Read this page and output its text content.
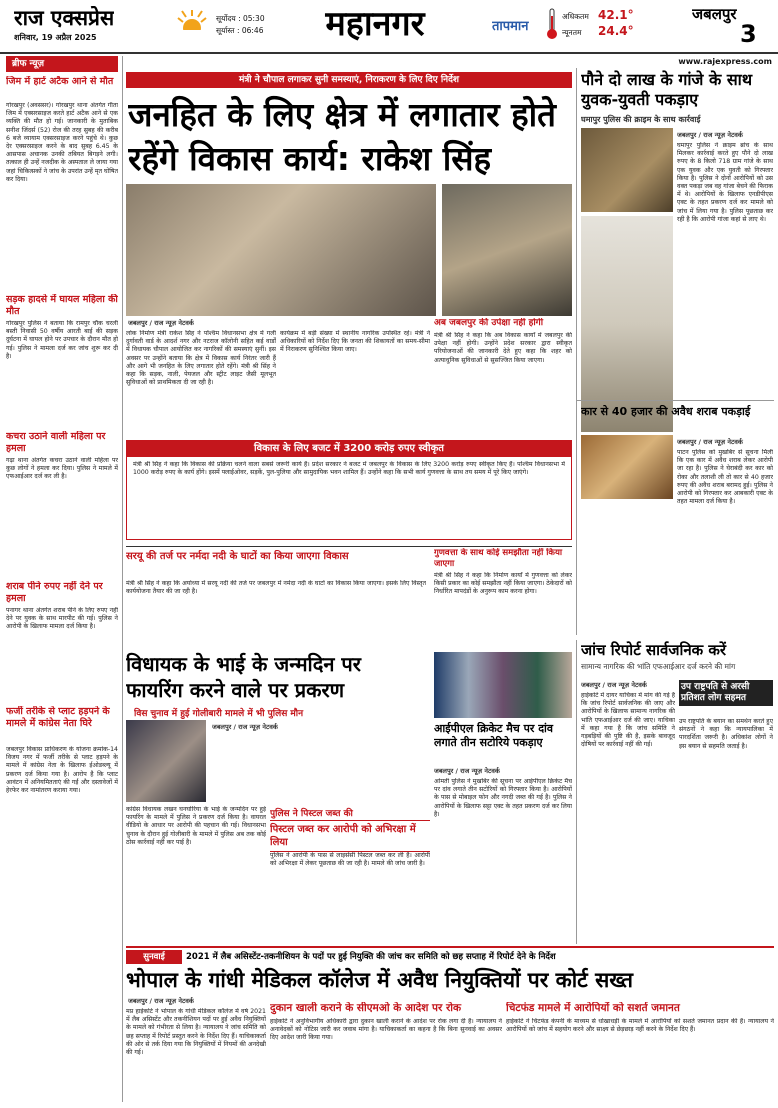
राज एक्सप्रेस
शनिवार, 19 अप्रैल 2025
सूर्योदय : 05:30
सूर्यास्त : 06:46	महानगर	तापमान
अधिकतम 42.1°
न्यूनतम 24.4°
जबलपुर
3
www.rajexpress.com
ब्रीफ न्यूज़
जिम में हार्ट अटैक आने से मौत
गोरखपुर (अवससर)। गोरखपुर थाना अंतर्गत गीता जिम में एक्सरसाइज करते हार्ट अटैक आने से एक व्यक्ति की मौत हो गई। जानकारी के मुताबिक सनीश जिंदर्स (52) रोज की तरह सुबह की करीब 6 बजे व्यायाम एक्सरसाइज करने पहुंचे थे। कुछ देर एक्सरसाइज करने के बाद सुबह 6.45 के आसपास अचानक उनकी तबियत बिगड़ने लगी। तत्काल ही उन्हें नजदीक के अस्पताल ले जाया गया जहां चिकित्सकों ने जांच के उपरांत उन्हें मृत घोषित कर दिया।
सड़क हादसे में घायल महिला की मौत
गोरखपुर पुलिस ने बताया कि रामपुर चौक चरली बस्ती निवासी 50 वर्षीय आरती बाई की सड़क दुर्घटना में घायल होने पर उपचार के दौरान मौत हो गई। पुलिस ने मामला दर्ज कर जांच शुरू कर दी है।
कचरा उठाने वाली महिला पर हमला
गढ़ा थाना अंतर्गत कचरा उठाने वाली महिला पर कुछ लोगों ने हमला कर दिया। पुलिस ने मामले में एफआईआर दर्ज कर ली है।
शराब पीने रुपए नहीं देने पर हमला
पनागर थाना अंतर्गत शराब पीने के लिए रुपए नहीं देने पर युवक के साथ मारपीट की गई। पुलिस ने आरोपी के खिलाफ मामला दर्ज किया है।
फर्जी तरीके से प्लाट हड़पने के मामले में कांग्रेस नेता घिरे
जबलपुर विकास प्राधिकरण के योजना क्रमांक-14 विजय नगर में फर्जी तरीके से प्लाट हड़पने के मामले में कांग्रेस नेता के खिलाफ ईओडब्ल्यू में प्रकरण दर्ज किया गया है। आरोप है कि प्लाट आवंटन में अनियमितताएं की गईं और दस्तावेजों में हेरफेर कर नामांतरण कराया गया।
मंत्री ने चौपाल लगाकर सुनी समस्याएं, निराकरण के लिए दिए निर्देश
जनहित के लिए क्षेत्र में लगातार होते
रहेंगे विकास कार्य: राकेश सिंह
जबलपुर / राज न्यूज़ नेटवर्क
लोक निर्माण मंत्री राकेश सिंह ने पश्चिम विधानसभा क्षेत्र में गली दुर्गावती वार्ड के आदर्श नगर और नटराज कॉलोनी सहित कई वार्डों में विधायक चौपाल आयोजित कर नागरिकों की समस्याएं सुनीं। इस अवसर पर उन्होंने बताया कि क्षेत्र में विकास कार्य निरंतर जारी हैं और आगे भी जनहित के लिए लगातार होते रहेंगे। मंत्री श्री सिंह ने कहा कि सड़क, नाली, पेयजल और स्ट्रीट लाइट जैसी मूलभूत सुविधाओं को प्राथमिकता दी जा रही है।
कार्यक्रम में बड़ी संख्या में स्थानीय नागरिक उपस्थित रहे। मंत्री ने अधिकारियों को निर्देश दिए कि जनता की शिकायतों का समय-सीमा में निराकरण सुनिश्चित किया जाए।
अब जबलपुर की उपेक्षा नहीं होगी
मंत्री श्री सिंह ने कहा कि अब विकास कार्यों में जबलपुर की उपेक्षा नहीं होगी। उन्होंने प्रदेश सरकार द्वारा स्वीकृत परियोजनाओं की जानकारी देते हुए कहा कि शहर को अत्याधुनिक सुविधाओं से सुसज्जित किया जाएगा।
विकास के लिए बजट में 3200 करोड़ रुपए स्वीकृत
मंत्री श्री सिंह ने कहा कि विकास की प्रक्रिया चलने वाला सबसे जरूरी कार्य है। प्रदेश सरकार ने बजट में जबलपुर के विकास के लिए 3200 करोड़ रुपए स्वीकृत किए हैं। पश्चिम विधानसभा में 1000 करोड़ रुपए के कार्य होंगे। इसमें फ्लाईओवर, सड़कें, पुल-पुलिया और सामुदायिक भवन शामिल हैं। उन्होंने कहा कि सभी कार्य गुणवत्ता के साथ तय समय में पूरे किए जाएंगे।
पौने दो लाख के गांजे के साथ युवक-युवती पकड़ाए
घमापुर पुलिस की क्राइम के साथ कार्रवाई
जबलपुर / राज न्यूज़ नेटवर्क
घमापुर पुलिस ने क्राइम ब्रांच के साथ मिलकर कार्रवाई करते हुए पौने दो लाख रुपए के 8 किलो 718 ग्राम गांजे के साथ एक युवक और एक युवती को गिरफ्तार किया है। पुलिस ने दोनों आरोपियों को उस वक्त पकड़ा जब वह गांजा बेचने की फिराक में थे। आरोपियों के खिलाफ एनडीपीएस एक्ट के तहत प्रकरण दर्ज कर मामले को जांच में लिया गया है। पुलिस पूछताछ कर रही है कि आरोपी गांजा कहां से लाए थे।
कार से 40 हजार की अवैध शराब पकड़ाई
जबलपुर / राज न्यूज़ नेटवर्क
पाटन पुलिस को मुखबिर से सूचना मिली कि एक कार में अवैध शराब लेकर आरोपी जा रहा है। पुलिस ने घेराबंदी कर कार को रोका और तलाशी ली तो कार से 40 हजार रुपए की अवैध शराब बरामद हुई। पुलिस ने आरोपी को गिरफ्तार कर आबकारी एक्ट के तहत मामला दर्ज किया है।
विधायक के भाई के जन्मदिन पर
फायरिंग करने वाले पर प्रकरण
विस चुनाव में हुई गोलीबारी मामले में भी पुलिस मौन
जबलपुर / राज न्यूज़ नेटवर्क
कांग्रेस विधायक लखन घनघोरिया के भाई के जन्मदिन पर हुई फायरिंग के मामले में पुलिस ने प्रकरण दर्ज किया है। वायरल वीडियो के आधार पर आरोपी की पहचान की गई। विधानसभा चुनाव के दौरान हुई गोलीबारी के मामले में पुलिस अब तक कोई ठोस कार्रवाई नहीं कर पाई है।
पुलिस ने पिस्टल जब्त की
पिस्टल जब्त कर आरोपी को अभिरक्षा में लिया
पुलिस ने आरोपी के पास से लाइसेंसी पिस्टल जब्त कर ली है। आरोपी को अभिरक्षा में लेकर पूछताछ की जा रही है। मामले की जांच जारी है।
गुणवत्ता के साथ कोई समझौता नहीं किया जाएगा
मंत्री श्री सिंह ने कहा कि निर्माण कार्यों में गुणवत्ता को लेकर किसी प्रकार का कोई समझौता नहीं किया जाएगा। ठेकेदारों को निर्धारित मापदंडों के अनुरूप काम करना होगा।
सरयू की तर्ज पर नर्मदा नदी के घाटों का किया जाएगा विकास
मंत्री श्री सिंह ने कहा कि अयोध्या में सरयू नदी की तर्ज पर जबलपुर में नर्मदा नदी के घाटों का विकास किया जाएगा। इसके लिए विस्तृत कार्ययोजना तैयार की जा रही है।
आईपीएल क्रिकेट मैच पर दांव लगाते तीन सटोरिये पकड़ाए
जबलपुर / राज न्यूज़ नेटवर्क
ओमती पुलिस ने मुखबिर की सूचना पर आईपीएल क्रिकेट मैच पर दांव लगाते तीन सटोरियों को गिरफ्तार किया है। आरोपियों के पास से मोबाइल फोन और नगदी जब्त की गई है। पुलिस ने आरोपियों के खिलाफ सट्टा एक्ट के तहत प्रकरण दर्ज कर लिया है।
जांच रिपोर्ट सार्वजनिक करें
सामान्य नागरिक की भांति एफआईआर दर्ज करने की मांग
जबलपुर / राज न्यूज़ नेटवर्क
हाईकोर्ट में दायर याचिका में मांग की गई है कि जांच रिपोर्ट सार्वजनिक की जाए और आरोपियों के खिलाफ सामान्य नागरिक की भांति एफआईआर दर्ज की जाए। याचिका में कहा गया है कि जांच समिति ने गड़बड़ियों की पुष्टि की है, इसके बावजूद दोषियों पर कार्रवाई नहीं की गई।
उप राष्ट्रपति से अरसी प्रतिशत लोग सहमत
उप राष्ट्रपति के बयान का समर्थन करते हुए संगठनों ने कहा कि न्यायपालिका में पारदर्शिता जरूरी है। अधिकांश लोगों ने इस बयान से सहमति जताई है।
सुनवाई	2021 में लैब असिस्टेंट-तकनीशियन के पदों पर हुई नियुक्ति की जांच कर समिति को छह सप्ताह में रिपोर्ट देने के निर्देश
भोपाल के गांधी मेडिकल कॉलेज में अवैध नियुक्तियों पर कोर्ट सख्त
जबलपुर / राज न्यूज़ नेटवर्क
मप्र हाईकोर्ट ने भोपाल के गांधी मेडिकल कॉलेज में वर्ष 2021 में लैब असिस्टेंट और तकनीशियन पदों पर हुई अवैध नियुक्तियों के मामले को गंभीरता से लिया है। न्यायालय ने जांच समिति को छह सप्ताह में रिपोर्ट प्रस्तुत करने के निर्देश दिए हैं। याचिकाकर्ता की ओर से तर्क दिया गया कि नियुक्तियों में नियमों की अनदेखी की गई।
दुकान खाली कराने के सीएमओ के आदेश पर रोक
हाईकोर्ट ने अनुविभागीय अधिकारी द्वारा दुकान खाली कराने के आदेश पर रोक लगा दी है। न्यायालय ने अनावेदकों को नोटिस जारी कर जवाब मांगा है। याचिकाकर्ता का कहना है कि बिना सुनवाई का अवसर दिए आदेश जारी किया गया।
चिटफंड मामले में आरोपियों को सशर्त जमानत
हाईकोर्ट ने चिटफंड कंपनी के माध्यम से धोखाधड़ी के मामले में आरोपियों को सशर्त जमानत प्रदान की है। न्यायालय ने आरोपियों को जांच में सहयोग करने और साक्ष्य से छेड़छाड़ नहीं करने के निर्देश दिए हैं।
